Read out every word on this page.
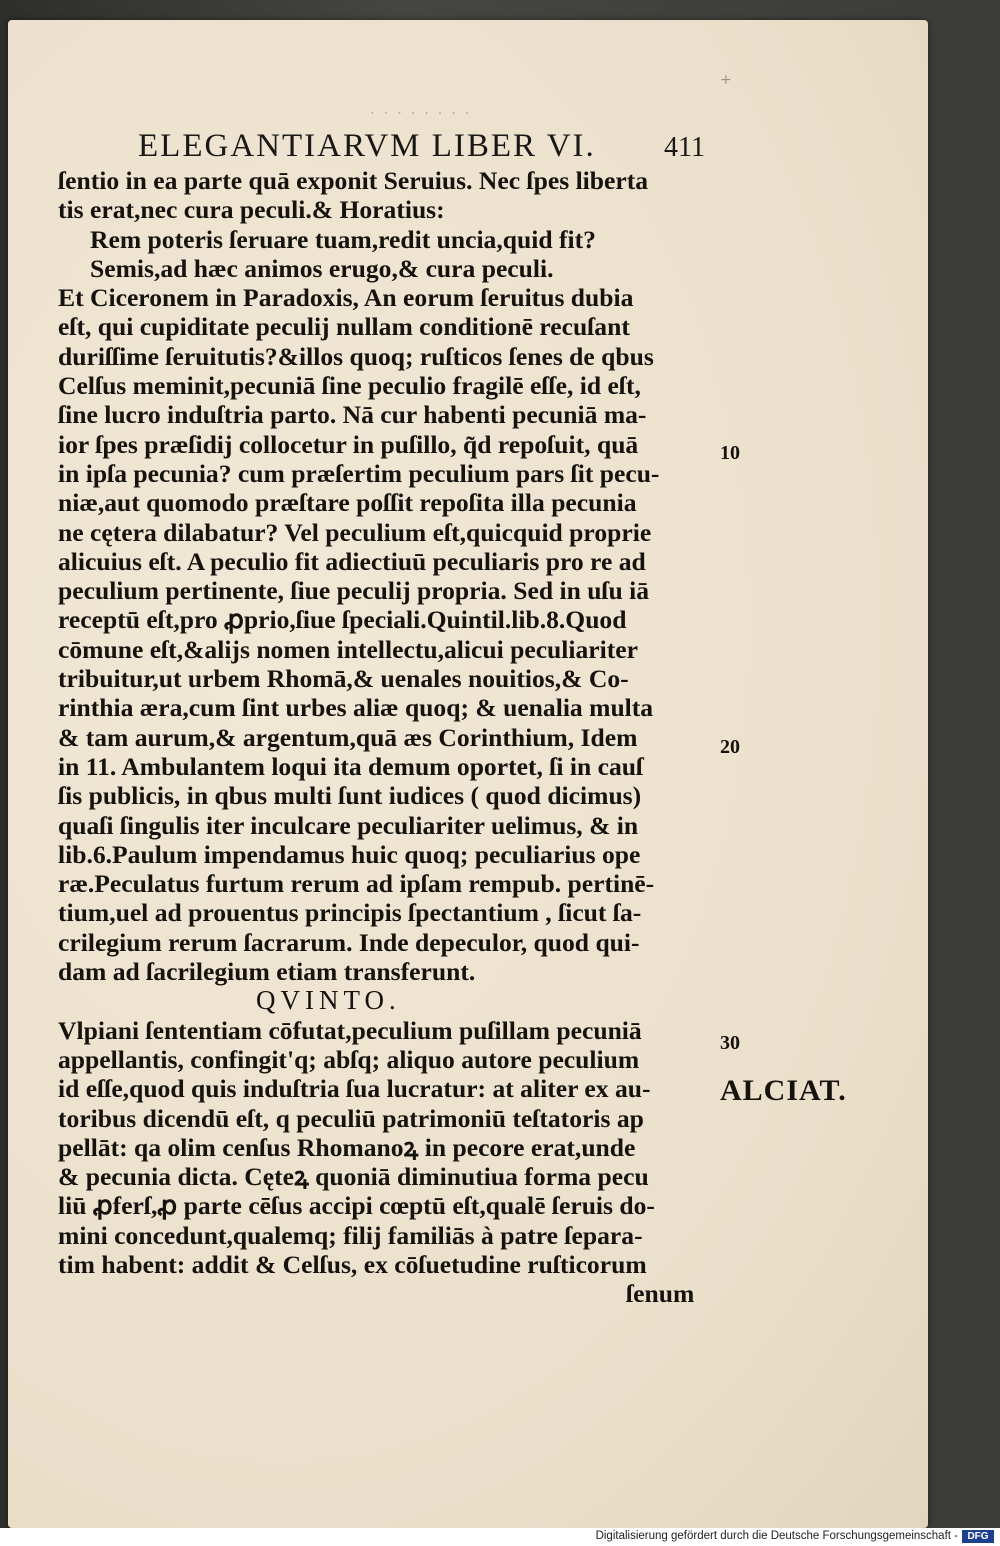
+
· · · · · · · ·
ELEGANTIARVM LIBER VI. 411
ſentio in ea parte quā exponit Seruius. Nec ſpes liberta
tis erat,nec cura peculi.& Horatius:
Rem poteris ſeruare tuam,redit uncia,quid fit?
Semis,ad hæc animos erugo,& cura peculi.
Et Ciceronem in Paradoxis, An eorum ſeruitus dubia
eſt, qui cupiditate peculij nullam conditionē recuſant
duriſſime ſeruitutis?&illos quoq; ruſticos ſenes de qbus
Celſus meminit,pecuniā ſine peculio fragilē eſſe, id eſt,
ſine lucro induſtria parto. Nā cur habenti pecuniā ma-
ior ſpes præſidij collocetur in puſillo, q̃d repoſuit, quā
in ipſa pecunia? cum præſertim peculium pars ſit pecu-
niæ,aut quomodo præſtare poſſit repoſita illa pecunia
ne cętera dilabatur? Vel peculium eſt,quicquid proprie
alicuius eſt. A peculio fit adiectiuū peculiaris pro re ad
peculium pertinente, ſiue peculij propria. Sed in uſu iā
receptū eſt,pro ꝓprio,ſiue ſpeciali.Quintil.lib.8.Quod
cōmune eſt,&alijs nomen intellectu,alicui peculiariter
tribuitur,ut urbem Rhomā,& uenales nouitios,& Co-
rinthia æra,cum ſint urbes aliæ quoq; & uenalia multa
& tam aurum,& argentum,quā æs Corinthium, Idem
in 11. Ambulantem loqui ita demum oportet, ſi in cauſ
ſis publicis, in qbus multi ſunt iudices ( quod dicimus)
quaſi ſingulis iter inculcare peculiariter uelimus, & in
lib.6.Paulum impendamus huic quoq; peculiarius ope
ræ.Peculatus furtum rerum ad ipſam rempub. pertinē-
tium,uel ad prouentus principis ſpectantium , ſicut ſa-
crilegium rerum ſacrarum. Inde depeculor, quod qui-
dam ad ſacrilegium etiam transferunt.
QVINTO.
Vlpiani ſententiam cōfutat,peculium puſillam pecuniā
appellantis, confingit'q; abſq; aliquo autore peculium
id eſſe,quod quis induſtria ſua lucratur: at aliter ex au-
toribus dicendū eſt, q peculiū patrimoniū teſtatoris ap
pellāt: qa olim cenſus Rhomanoꝝ in pecore erat,unde
& pecunia dicta. Cęteꝝ quoniā diminutiua forma pecu
liū ꝓferſ,ꝓ parte cēſus accipi cœptū eſt,qualē ſeruis do-
mini concedunt,qualemq; filij familiās à patre ſepara-
tim habent: addit & Celſus, ex cōſuetudine ruſticorum
ſenum
10
20
30
ALCIAT.
Digitalisierung gefördert durch die Deutsche Forschungsgemeinschaft - DFG
